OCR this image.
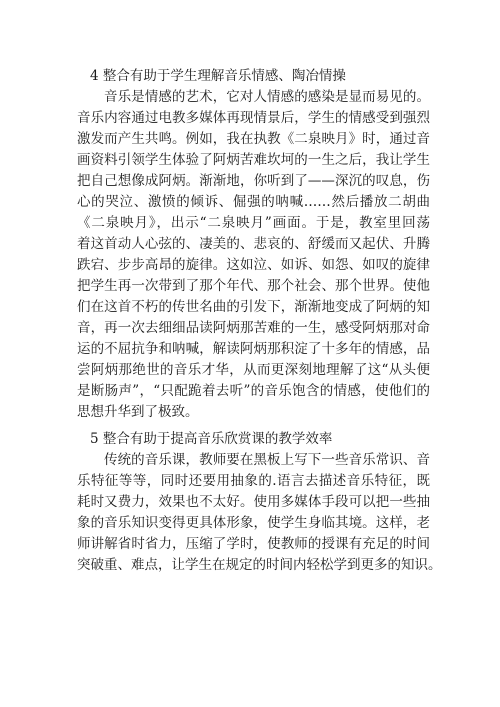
4 整合有助于学生理解音乐情感、陶冶情操
音乐是情感的艺术，它对人情感的感染是显而易见的。
音乐内容通过电教多媒体再现情景后，学生的情感受到强烈
激发而产生共鸣。例如，我在执教《二泉映月》时，通过音
画资料引领学生体验了阿炳苦难坎坷的一生之后，我让学生
把自己想像成阿炳。渐渐地，你听到了——深沉的叹息，伤
心的哭泣、激愤的倾诉、倔强的呐喊……然后播放二胡曲
《二泉映月》，出示“二泉映月”画面。于是，教室里回荡
着这首动人心弦的、凄美的、悲哀的、舒缓而又起伏、升腾
跌宕、步步高昂的旋律。这如泣、如诉、如怨、如叹的旋律
把学生再一次带到了那个年代、那个社会、那个世界。使他
们在这首不朽的传世名曲的引发下，渐渐地变成了阿炳的知
音，再一次去细细品读阿炳那苦难的一生，感受阿炳那对命
运的不屈抗争和呐喊，解读阿炳那积淀了十多年的情感，品
尝阿炳那绝世的音乐才华，从而更深刻地理解了这“从头便
是断肠声”，“只配跪着去听”的音乐饱含的情感，使他们的
思想升华到了极致。
5 整合有助于提高音乐欣赏课的教学效率
传统的音乐课，教师要在黑板上写下一些音乐常识、音
乐特征等等，同时还要用抽象的.语言去描述音乐特征，既
耗时又费力，效果也不太好。使用多媒体手段可以把一些抽
象的音乐知识变得更具体形象，使学生身临其境。这样，老
师讲解省时省力，压缩了学时，使教师的授课有充足的时间
突破重、难点，让学生在规定的时间内轻松学到更多的知识。
